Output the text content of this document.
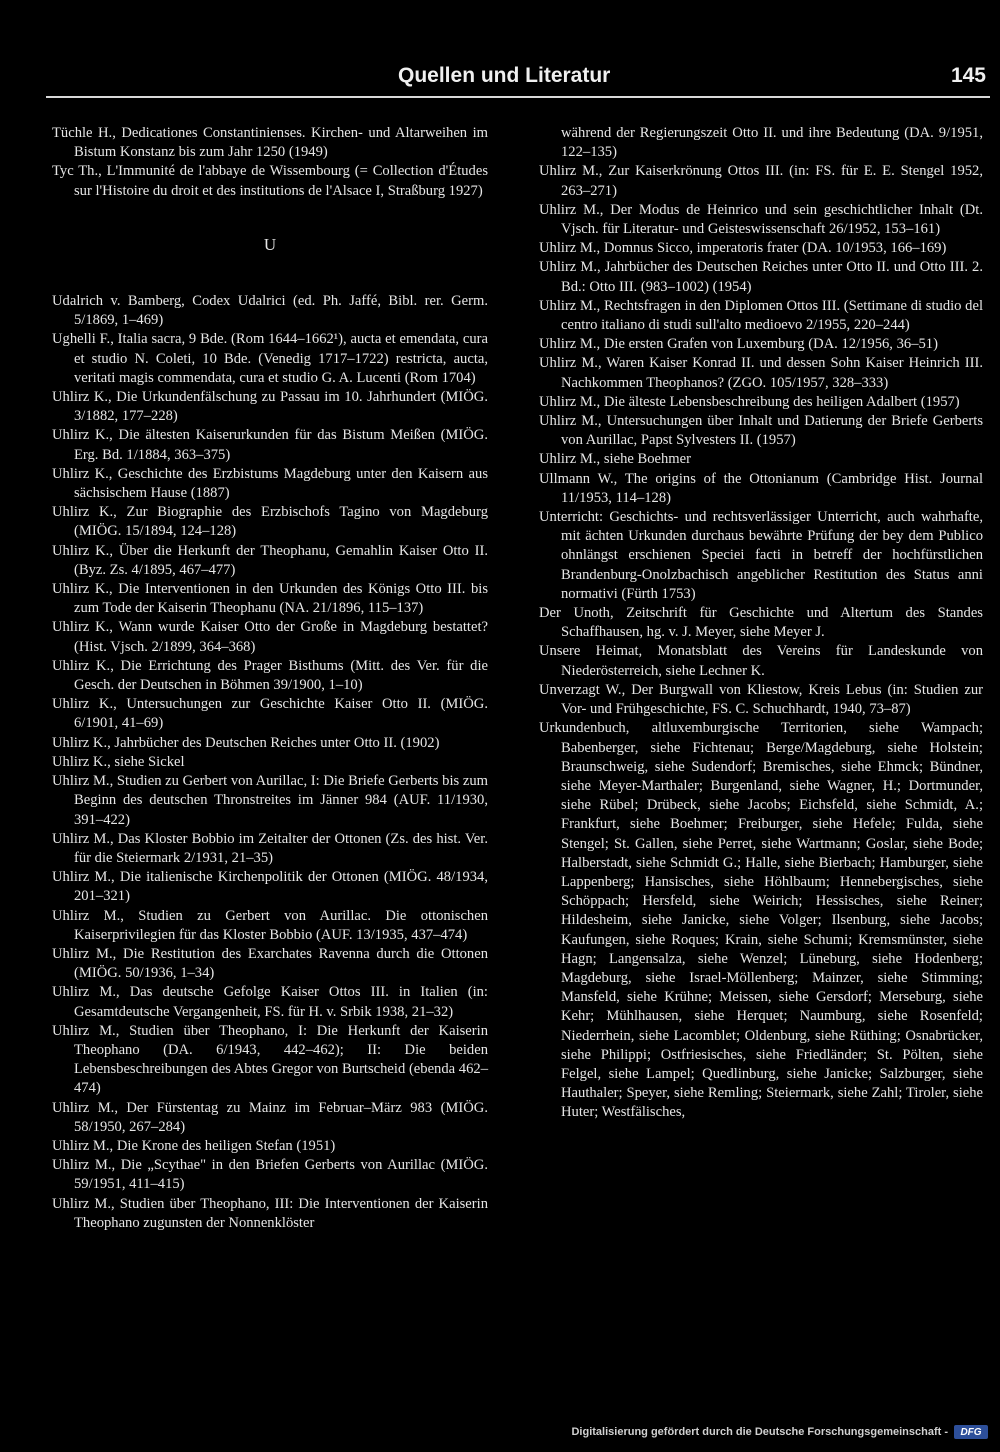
Quellen und Literatur	145

Tüchle H., Dedicationes Constantinienses. Kirchen- und Altarweihen im Bistum Konstanz bis zum Jahr 1250 (1949)

Tyc Th., L'Immunité de l'abbaye de Wissembourg (= Collection d'Études sur l'Histoire du droit et des institutions de l'Alsace I, Straßburg 1927)

U

Udalrich v. Bamberg, Codex Udalrici (ed. Ph. Jaffé, Bibl. rer. Germ. 5/1869, 1–469)

Ughelli F., Italia sacra, 9 Bde. (Rom 1644–1662¹), aucta et emendata, cura et studio N. Coleti, 10 Bde. (Venedig 1717–1722) restricta, aucta, veritati magis commendata, cura et studio G. A. Lucenti (Rom 1704)

Uhlirz K., Die Urkundenfälschung zu Passau im 10. Jahrhundert (MIÖG. 3/1882, 177–228)

Uhlirz K., Die ältesten Kaiserurkunden für das Bistum Meißen (MIÖG. Erg. Bd. 1/1884, 363–375)

Uhlirz K., Geschichte des Erzbistums Magdeburg unter den Kaisern aus sächsischem Hause (1887)

Uhlirz K., Zur Biographie des Erzbischofs Tagino von Magdeburg (MIÖG. 15/1894, 124–128)

Uhlirz K., Über die Herkunft der Theophanu, Gemahlin Kaiser Otto II. (Byz. Zs. 4/1895, 467–477)

Uhlirz K., Die Interventionen in den Urkunden des Königs Otto III. bis zum Tode der Kaiserin Theophanu (NA. 21/1896, 115–137)

Uhlirz K., Wann wurde Kaiser Otto der Große in Magdeburg bestattet? (Hist. Vjsch. 2/1899, 364–368)

Uhlirz K., Die Errichtung des Prager Bisthums (Mitt. des Ver. für die Gesch. der Deutschen in Böhmen 39/1900, 1–10)

Uhlirz K., Untersuchungen zur Geschichte Kaiser Otto II. (MIÖG. 6/1901, 41–69)

Uhlirz K., Jahrbücher des Deutschen Reiches unter Otto II. (1902)

Uhlirz K., siehe Sickel

Uhlirz M., Studien zu Gerbert von Aurillac, I: Die Briefe Gerberts bis zum Beginn des deutschen Thronstreites im Jänner 984 (AUF. 11/1930, 391–422)

Uhlirz M., Das Kloster Bobbio im Zeitalter der Ottonen (Zs. des hist. Ver. für die Steiermark 2/1931, 21–35)

Uhlirz M., Die italienische Kirchenpolitik der Ottonen (MIÖG. 48/1934, 201–321)

Uhlirz M., Studien zu Gerbert von Aurillac. Die ottonischen Kaiserprivilegien für das Kloster Bobbio (AUF. 13/1935, 437–474)

Uhlirz M., Die Restitution des Exarchates Ravenna durch die Ottonen (MIÖG. 50/1936, 1–34)

Uhlirz M., Das deutsche Gefolge Kaiser Ottos III. in Italien (in: Gesamtdeutsche Vergangenheit, FS. für H. v. Srbik 1938, 21–32)

Uhlirz M., Studien über Theophano, I: Die Herkunft der Kaiserin Theophano (DA. 6/1943, 442–462); II: Die beiden Lebensbeschreibungen des Abtes Gregor von Burtscheid (ebenda 462–474)

Uhlirz M., Der Fürstentag zu Mainz im Februar–März 983 (MIÖG. 58/1950, 267–284)

Uhlirz M., Die Krone des heiligen Stefan (1951)

Uhlirz M., Die „Scythae" in den Briefen Gerberts von Aurillac (MIÖG. 59/1951, 411–415)

Uhlirz M., Studien über Theophano, III: Die Interventionen der Kaiserin Theophano zugunsten der Nonnenklöster

während der Regierungszeit Otto II. und ihre Bedeutung (DA. 9/1951, 122–135)

Uhlirz M., Zur Kaiserkrönung Ottos III. (in: FS. für E. E. Stengel 1952, 263–271)

Uhlirz M., Der Modus de Heinrico und sein geschichtlicher Inhalt (Dt. Vjsch. für Literatur- und Geisteswissenschaft 26/1952, 153–161)

Uhlirz M., Domnus Sicco, imperatoris frater (DA. 10/1953, 166–169)

Uhlirz M., Jahrbücher des Deutschen Reiches unter Otto II. und Otto III. 2. Bd.: Otto III. (983–1002) (1954)

Uhlirz M., Rechtsfragen in den Diplomen Ottos III. (Settimane di studio del centro italiano di studi sull'alto medioevo 2/1955, 220–244)

Uhlirz M., Die ersten Grafen von Luxemburg (DA. 12/1956, 36–51)

Uhlirz M., Waren Kaiser Konrad II. und dessen Sohn Kaiser Heinrich III. Nachkommen Theophanos? (ZGO. 105/1957, 328–333)

Uhlirz M., Die älteste Lebensbeschreibung des heiligen Adalbert (1957)

Uhlirz M., Untersuchungen über Inhalt und Datierung der Briefe Gerberts von Aurillac, Papst Sylvesters II. (1957)

Uhlirz M., siehe Boehmer

Ullmann W., The origins of the Ottonianum (Cambridge Hist. Journal 11/1953, 114–128)

Unterricht: Geschichts- und rechtsverlässiger Unterricht, auch wahrhafte, mit ächten Urkunden durchaus bewährte Prüfung der bey dem Publico ohnlängst erschienen Speciei facti in betreff der hochfürstlichen Brandenburg-Onolzbachisch angeblicher Restitution des Status anni normativi (Fürth 1753)

Der Unoth, Zeitschrift für Geschichte und Altertum des Standes Schaffhausen, hg. v. J. Meyer, siehe Meyer J.

Unsere Heimat, Monatsblatt des Vereins für Landeskunde von Niederösterreich, siehe Lechner K.

Unverzagt W., Der Burgwall von Kliestow, Kreis Lebus (in: Studien zur Vor- und Frühgeschichte, FS. C. Schuchhardt, 1940, 73–87)

Urkundenbuch, altluxemburgische Territorien, siehe Wampach; Babenberger, siehe Fichtenau; Berge/Magdeburg, siehe Holstein; Braunschweig, siehe Sudendorf; Bremisches, siehe Ehmck; Bündner, siehe Meyer-Marthaler; Burgenland, siehe Wagner, H.; Dortmunder, siehe Rübel; Drübeck, siehe Jacobs; Eichsfeld, siehe Schmidt, A.; Frankfurt, siehe Boehmer; Freiburger, siehe Hefele; Fulda, siehe Stengel; St. Gallen, siehe Perret, siehe Wartmann; Goslar, siehe Bode; Halberstadt, siehe Schmidt G.; Halle, siehe Bierbach; Hamburger, siehe Lappenberg; Hansisches, siehe Höhlbaum; Hennebergisches, siehe Schöppach; Hersfeld, siehe Weirich; Hessisches, siehe Reiner; Hildesheim, siehe Janicke, siehe Volger; Ilsenburg, siehe Jacobs; Kaufungen, siehe Roques; Krain, siehe Schumi; Kremsmünster, siehe Hagn; Langensalza, siehe Wenzel; Lüneburg, siehe Hodenberg; Magdeburg, siehe Israel-Möllenberg; Mainzer, siehe Stimming; Mansfeld, siehe Krühne; Meissen, siehe Gersdorf; Merseburg, siehe Kehr; Mühlhausen, siehe Herquet; Naumburg, siehe Rosenfeld; Niederrhein, siehe Lacomblet; Oldenburg, siehe Rüthing; Osnabrücker, siehe Philippi; Ostfriesisches, siehe Friedländer; St. Pölten, siehe Felgel, siehe Lampel; Quedlinburg, siehe Janicke; Salzburger, siehe Hauthaler; Speyer, siehe Remling; Steiermark, siehe Zahl; Tiroler, siehe Huter; Westfälisches,

Digitalisierung gefördert durch die Deutsche Forschungsgemeinschaft -	DFG
